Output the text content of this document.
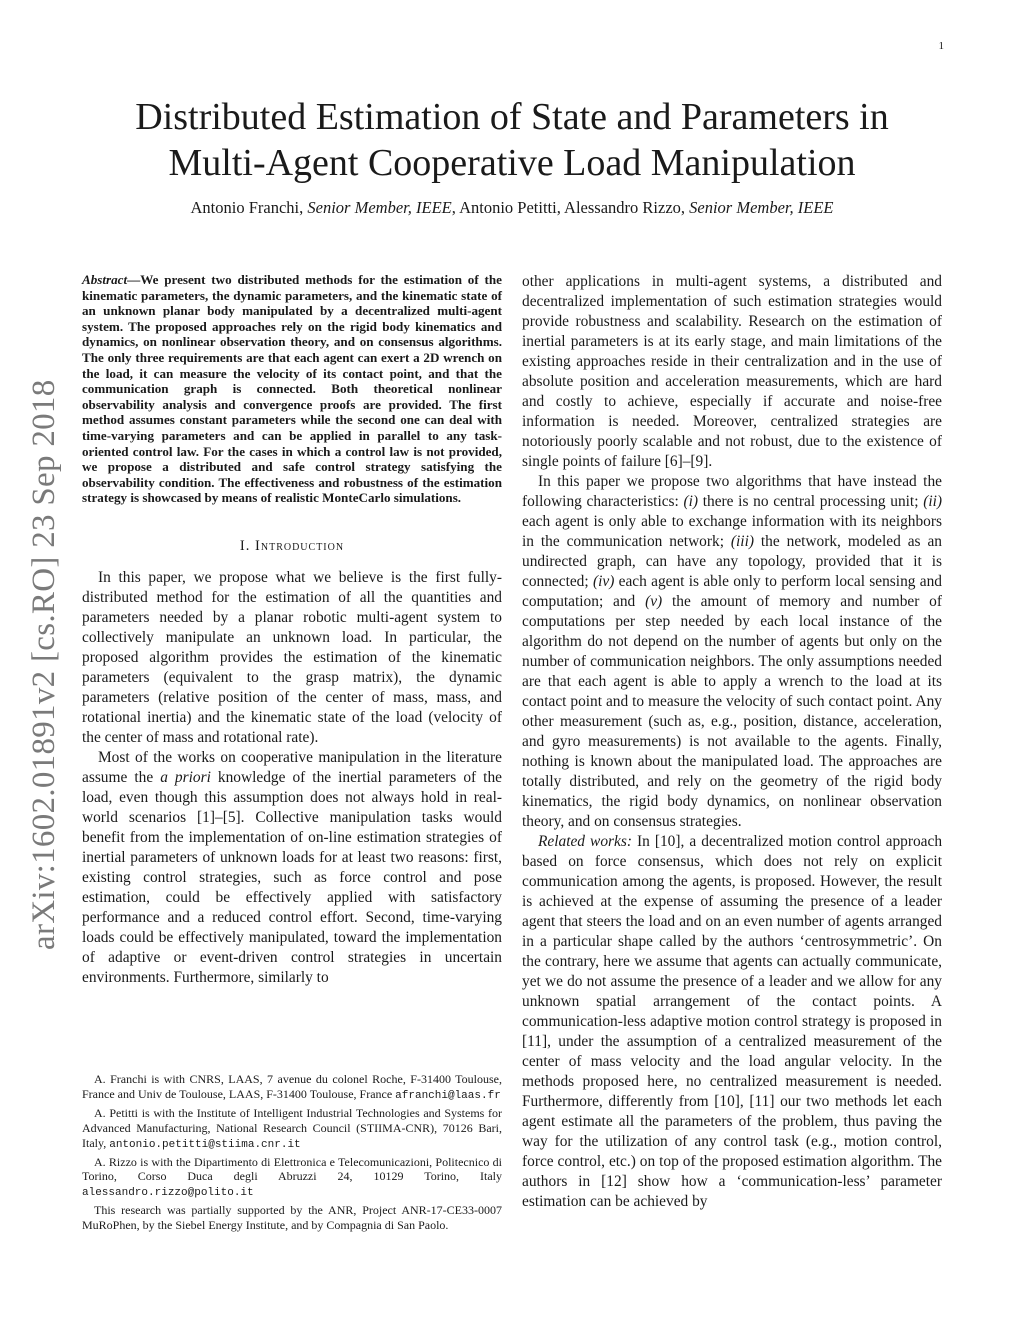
1
Distributed Estimation of State and Parameters in
Multi-Agent Cooperative Load Manipulation
Antonio Franchi, Senior Member, IEEE, Antonio Petitti, Alessandro Rizzo, Senior Member, IEEE
arXiv:1602.01891v2 [cs.RO] 23 Sep 2018

Abstract—We present two distributed methods for the estimation of the kinematic parameters, the dynamic parameters, and the kinematic state of an unknown planar body manipulated by a decentralized multi-agent system. The proposed approaches rely on the rigid body kinematics and dynamics, on nonlinear observation theory, and on consensus algorithms. The only three requirements are that each agent can exert a 2D wrench on the load, it can measure the velocity of its contact point, and that the communication graph is connected. Both theoretical nonlinear observability analysis and convergence proofs are provided. The first method assumes constant parameters while the second one can deal with time-varying parameters and can be applied in parallel to any task-oriented control law. For the cases in which a control law is not provided, we propose a distributed and safe control strategy satisfying the observability condition. The effectiveness and robustness of the estimation strategy is showcased by means of realistic MonteCarlo simulations.

I. Introduction

In this paper, we propose what we believe is the first fully-distributed method for the estimation of all the quantities and parameters needed by a planar robotic multi-agent system to collectively manipulate an unknown load. In particular, the proposed algorithm provides the estimation of the kinematic parameters (equivalent to the grasp matrix), the dynamic parameters (relative position of the center of mass, mass, and rotational inertia) and the kinematic state of the load (velocity of the center of mass and rotational rate).

Most of the works on cooperative manipulation in the literature assume the a priori knowledge of the inertial parameters of the load, even though this assumption does not always hold in real-world scenarios [1]–[5]. Collective manipulation tasks would benefit from the implementation of on-line estimation strategies of inertial parameters of unknown loads for at least two reasons: first, existing control strategies, such as force control and pose estimation, could be effectively applied with satisfactory performance and a reduced control effort. Second, time-varying loads could be effectively manipulated, toward the implementation of adaptive or event-driven control strategies in uncertain environments. Furthermore, similarly to

A. Franchi is with CNRS, LAAS, 7 avenue du colonel Roche, F-31400 Toulouse, France and Univ de Toulouse, LAAS, F-31400 Toulouse, France afranchi@laas.fr

A. Petitti is with the Institute of Intelligent Industrial Technologies and Systems for Advanced Manufacturing, National Research Council (STIIMA-CNR), 70126 Bari, Italy, antonio.petitti@stiima.cnr.it

A. Rizzo is with the Dipartimento di Elettronica e Telecomunicazioni, Politecnico di Torino, Corso Duca degli Abruzzi 24, 10129 Torino, Italy alessandro.rizzo@polito.it

This research was partially supported by the ANR, Project ANR-17-CE33-0007 MuRoPhen, by the Siebel Energy Institute, and by Compagnia di San Paolo.

other applications in multi-agent systems, a distributed and decentralized implementation of such estimation strategies would provide robustness and scalability. Research on the estimation of inertial parameters is at its early stage, and main limitations of the existing approaches reside in their centralization and in the use of absolute position and acceleration measurements, which are hard and costly to achieve, especially if accurate and noise-free information is needed. Moreover, centralized strategies are notoriously poorly scalable and not robust, due to the existence of single points of failure [6]–[9].

In this paper we propose two algorithms that have instead the following characteristics: (i) there is no central processing unit; (ii) each agent is only able to exchange information with its neighbors in the communication network; (iii) the network, modeled as an undirected graph, can have any topology, provided that it is connected; (iv) each agent is able only to perform local sensing and computation; and (v) the amount of memory and number of computations per step needed by each local instance of the algorithm do not depend on the number of agents but only on the number of communication neighbors. The only assumptions needed are that each agent is able to apply a wrench to the load at its contact point and to measure the velocity of such contact point. Any other measurement (such as, e.g., position, distance, acceleration, and gyro measurements) is not available to the agents. Finally, nothing is known about the manipulated load. The approaches are totally distributed, and rely on the geometry of the rigid body kinematics, the rigid body dynamics, on nonlinear observation theory, and on consensus strategies.

Related works: In [10], a decentralized motion control approach based on force consensus, which does not rely on explicit communication among the agents, is proposed. However, the result is achieved at the expense of assuming the presence of a leader agent that steers the load and on an even number of agents arranged in a particular shape called by the authors ‘centrosymmetric’. On the contrary, here we assume that agents can actually communicate, yet we do not assume the presence of a leader and we allow for any unknown spatial arrangement of the contact points. A communication-less adaptive motion control strategy is proposed in [11], under the assumption of a centralized measurement of the center of mass velocity and the load angular velocity. In the methods proposed here, no centralized measurement is needed. Furthermore, differently from [10], [11] our two methods let each agent estimate all the parameters of the problem, thus paving the way for the utilization of any control task (e.g., motion control, force control, etc.) on top of the proposed estimation algorithm. The authors in [12] show how a ‘communication-less’ parameter estimation can be achieved by
